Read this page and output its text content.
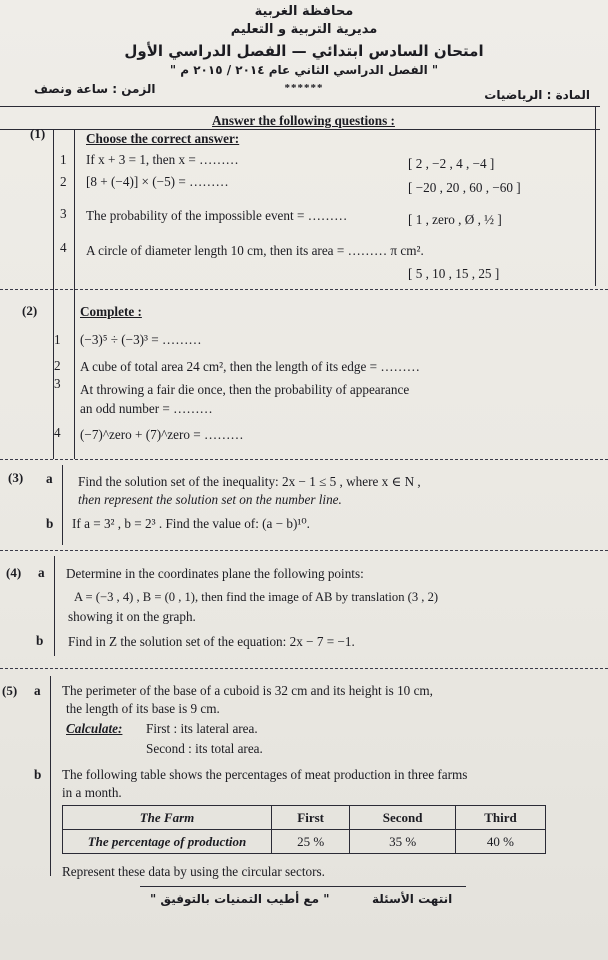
محافظة الغربية
مديرية التربية و التعليم
امتحان السادس ابتدائي — الفصل الدراسي الأول
" الفصل الدراسي الثاني عام ٢٠١٤ / ٢٠١٥ م "
******
الزمن : ساعة ونصف	المادة : الرياضيات
Answer the following questions :
(1)	Choose the correct answer:
1 If x + 3 = 1, then x = ………	[ 2 , −2 , 4 , −4 ]
2 [8 + (−4)] × (−5) = ………	[ −20 , 20 , 60 , −60 ]
3 The probability of the impossible event = ………	[ 1 , zero , Ø , ½ ]
4 A circle of diameter length 10 cm, then its area = ……… π cm².
[ 5 , 10 , 15 , 25 ]
(2)	Complete :
1 (−3)⁵ ÷ (−3)³ = ………
2 A cube of total area 24 cm², then the length of its edge = ………
3 At throwing a fair die once, then the probability of appearance
an odd number = ………
4 (−7)^zero + (7)^zero = ………
(3) a Find the solution set of the inequality: 2x − 1 ≤ 5 , where x ∈ N ,
then represent the solution set on the number line.
b If a = 3² , b = 2³ . Find the value of: (a − b)¹⁰.
(4) a Determine in the coordinates plane the following points:
A = (−3 , 4) , B = (0 , 1), then find the image of AB by translation (3 , 2)
showing it on the graph.
b Find in Z the solution set of the equation: 2x − 7 = −1.
(5) a The perimeter of the base of a cuboid is 32 cm and its height is 10 cm,
the length of its base is 9 cm.
Calculate: First : its lateral area.
Second : its total area.
b The following table shows the percentages of meat production in three farms
in a month.
The Farm	First	Second	Third
The percentage of production	25 %	35 %	40 %
Represent these data by using the circular sectors.
" مع أطيب التمنيات بالتوفيق "	انتهت الأسئلة
